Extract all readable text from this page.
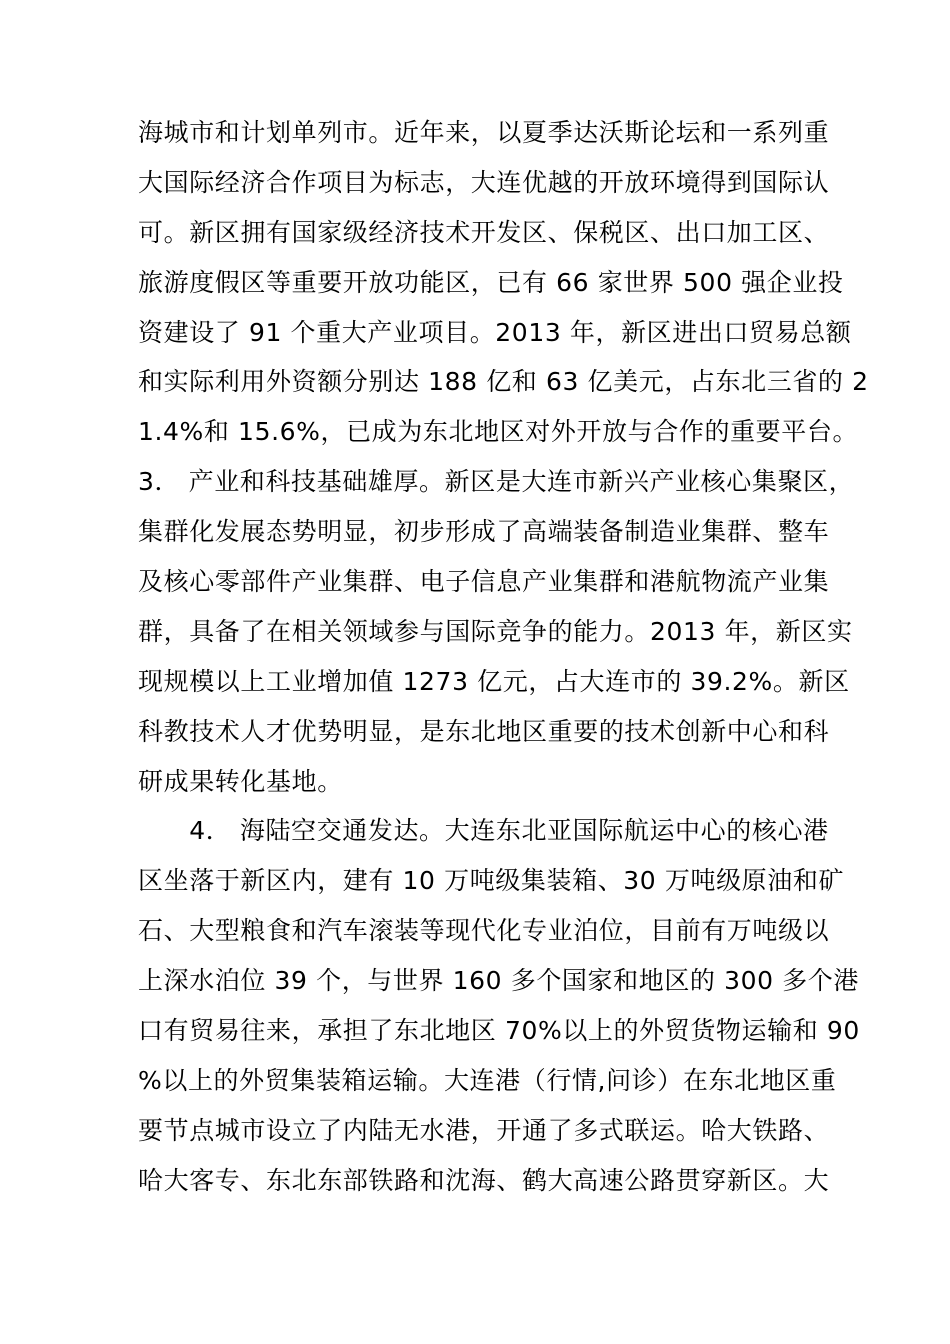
海城市和计划单列市。近年来，以夏季达沃斯论坛和一系列重
大国际经济合作项目为标志，大连优越的开放环境得到国际认
可。新区拥有国家级经济技术开发区、保税区、出口加工区、
旅游度假区等重要开放功能区，已有 66 家世界 500 强企业投
资建设了 91 个重大产业项目。2013 年，新区进出口贸易总额
和实际利用外资额分别达 188 亿和 63 亿美元，占东北三省的 2
1.4%和 15.6%，已成为东北地区对外开放与合作的重要平台。
3． 产业和科技基础雄厚。新区是大连市新兴产业核心集聚区，
集群化发展态势明显，初步形成了高端装备制造业集群、整车
及核心零部件产业集群、电子信息产业集群和港航物流产业集
群，具备了在相关领域参与国际竞争的能力。2013 年，新区实
现规模以上工业增加值 1273 亿元，占大连市的 39.2%。新区
科教技术人才优势明显，是东北地区重要的技术创新中心和科
研成果转化基地。
　　4． 海陆空交通发达。大连东北亚国际航运中心的核心港
区坐落于新区内，建有 10 万吨级集装箱、30 万吨级原油和矿
石、大型粮食和汽车滚装等现代化专业泊位，目前有万吨级以
上深水泊位 39 个，与世界 160 多个国家和地区的 300 多个港
口有贸易往来，承担了东北地区 70%以上的外贸货物运输和 90
%以上的外贸集装箱运输。大连港（行情,问诊）在东北地区重
要节点城市设立了内陆无水港，开通了多式联运。哈大铁路、
哈大客专、东北东部铁路和沈海、鹤大高速公路贯穿新区。大
